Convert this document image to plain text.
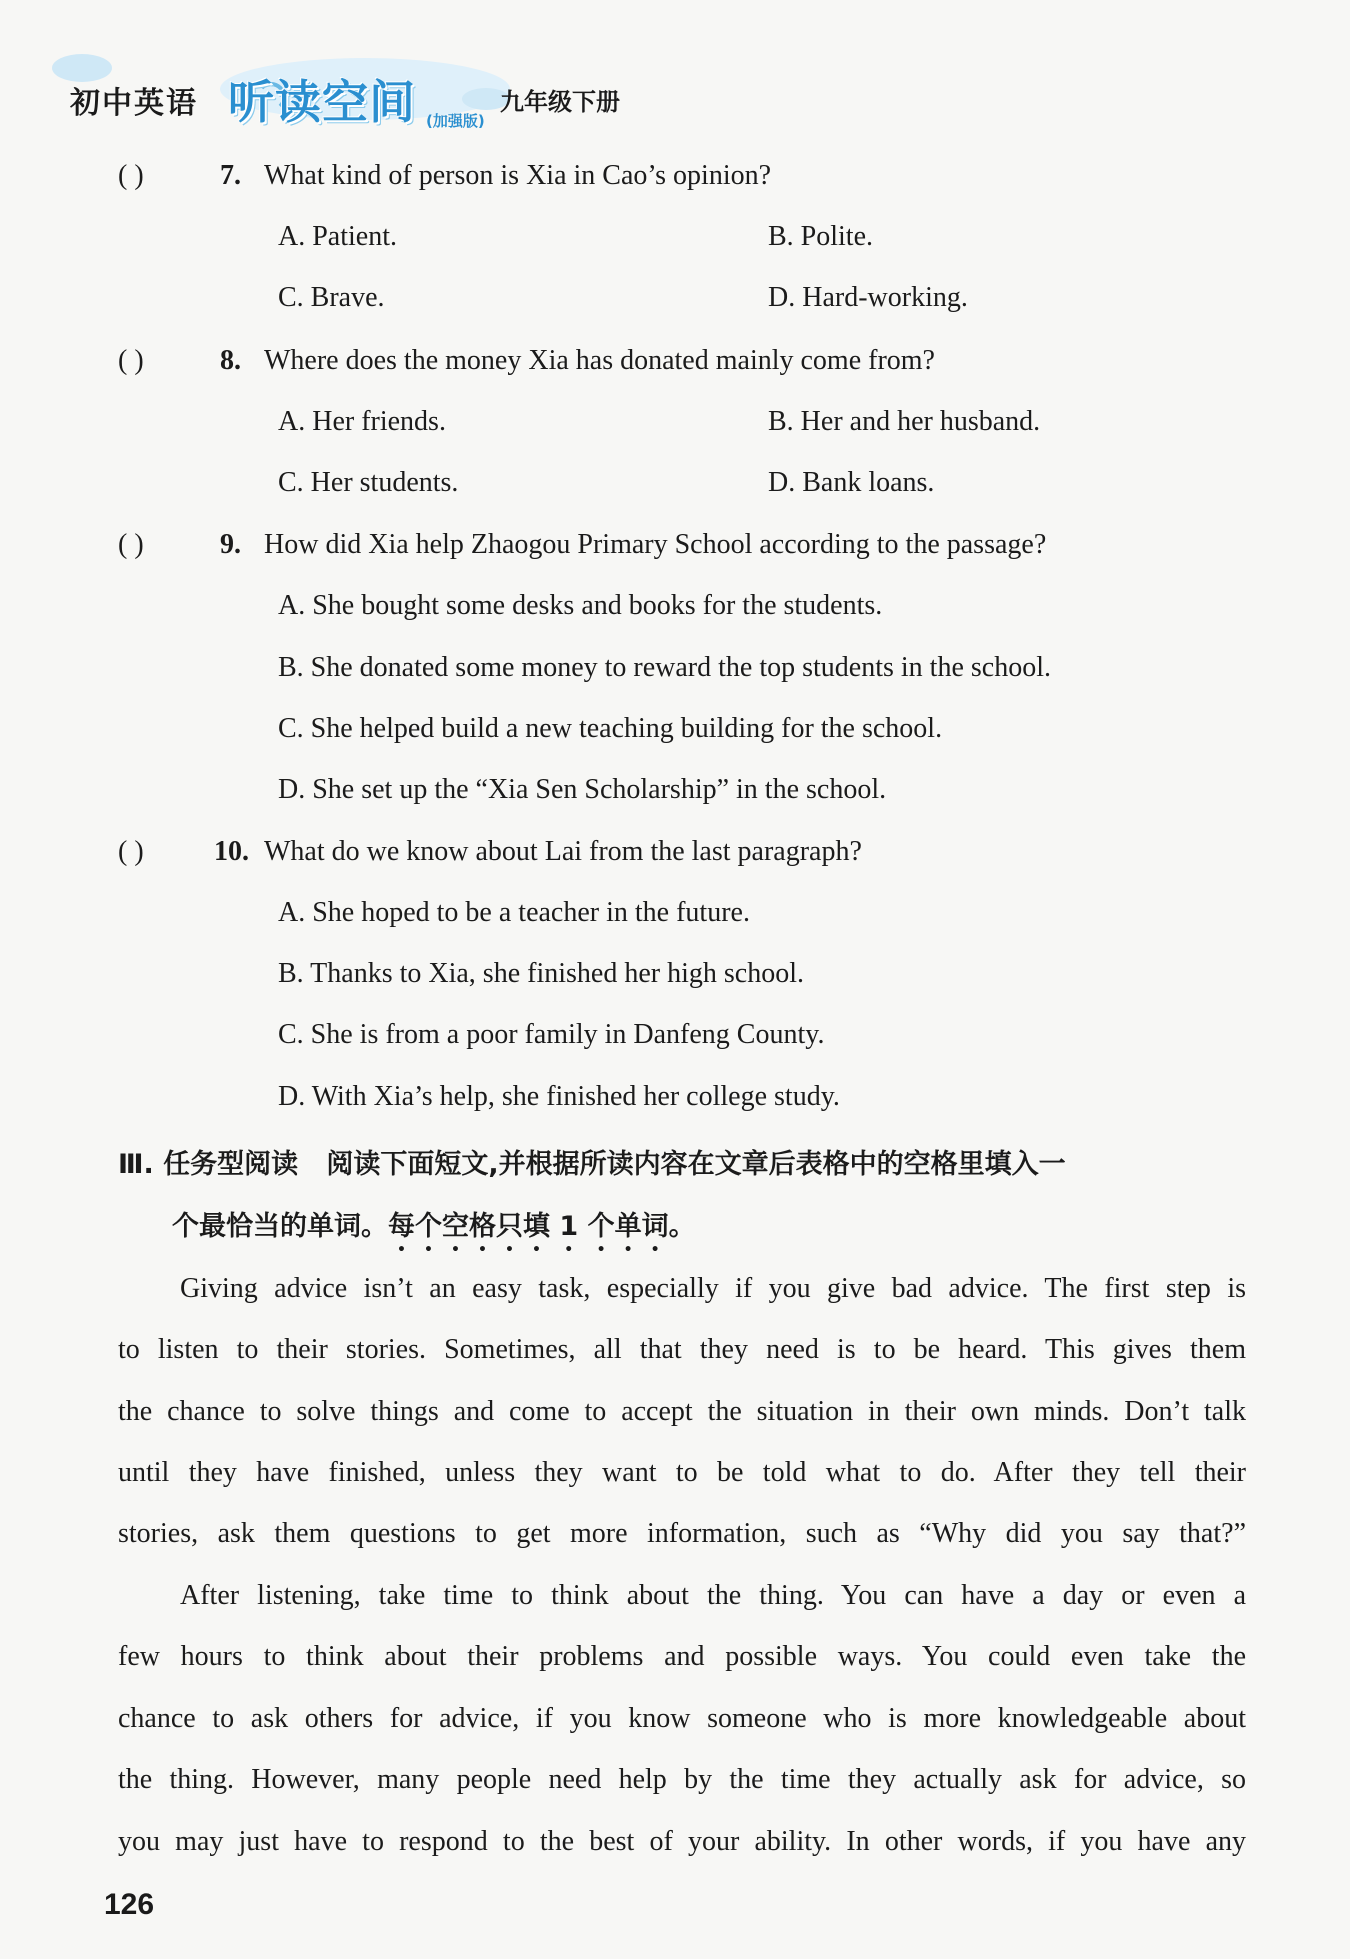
初中英语 听读空间 (加强版)
九年级下册
( )	7. What kind of person is Xia in Cao’s opinion?
A. Patient.	B. Polite.
C. Brave.	D. Hard-working.
( )	8. Where does the money Xia has donated mainly come from?
A. Her friends.	B. Her and her husband.
C. Her students.	D. Bank loans.
( )	9. How did Xia help Zhaogou Primary School according to the passage?
A. She bought some desks and books for the students.
B. She donated some money to reward the top students in the school.
C. She helped build a new teaching building for the school.
D. She set up the “Xia Sen Scholarship” in the school.
( )	10. What do we know about Lai from the last paragraph?
A. She hoped to be a teacher in the future.
B. Thanks to Xia, she finished her high school.
C. She is from a poor family in Danfeng County.
D. With Xia’s help, she finished her college study.
Ⅲ. 任务型阅读 阅读下面短文,并根据所读内容在文章后表格中的空格里填入一
个最恰当的单词。每个空格只填 1 个单词。
Giving advice isn’t an easy task, especially if you give bad advice. The first step is
to listen to their stories. Sometimes, all that they need is to be heard. This gives them
the chance to solve things and come to accept the situation in their own minds. Don’t talk
until they have finished, unless they want to be told what to do. After they tell their
stories, ask them questions to get more information, such as “Why did you say that?”
After listening, take time to think about the thing. You can have a day or even a
few hours to think about their problems and possible ways. You could even take the
chance to ask others for advice, if you know someone who is more knowledgeable about
the thing. However, many people need help by the time they actually ask for advice, so
you may just have to respond to the best of your ability. In other words, if you have any
126
